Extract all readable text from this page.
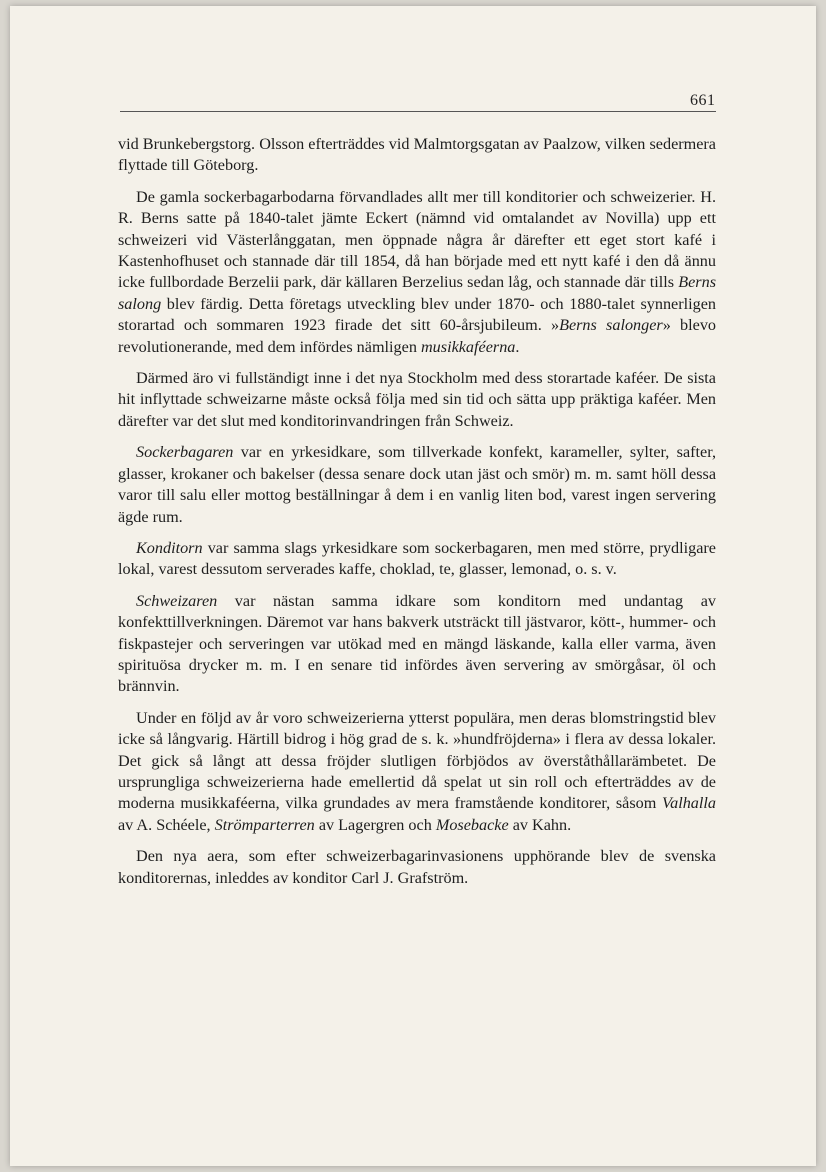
661

vid Brunkebergstorg. Olsson efterträddes vid Malmtorgsgatan av Paalzow, vilken sedermera flyttade till Göteborg.

De gamla sockerbagarbodarna förvandlades allt mer till konditorier och schweizerier. H. R. Berns satte på 1840-talet jämte Eckert (nämnd vid omtalandet av Novilla) upp ett schweizeri vid Västerlånggatan, men öppnade några år därefter ett eget stort kafé i Kastenhofhuset och stannade där till 1854, då han började med ett nytt kafé i den då ännu icke fullbordade Berzelii park, där källaren Berzelius sedan låg, och stannade där tills Berns salong blev färdig. Detta företags utveckling blev under 1870- och 1880-talet synnerligen storartad och sommaren 1923 firade det sitt 60-årsjubileum. »Berns salonger» blevo revolutionerande, med dem infördes nämligen musikkaféerna.

Därmed äro vi fullständigt inne i det nya Stockholm med dess storartade kaféer. De sista hit inflyttade schweizarne måste också följa med sin tid och sätta upp präktiga kaféer. Men därefter var det slut med konditorinvandringen från Schweiz.

Sockerbagaren var en yrkesidkare, som tillverkade konfekt, karameller, sylter, safter, glasser, krokaner och bakelser (dessa senare dock utan jäst och smör) m. m. samt höll dessa varor till salu eller mottog beställningar å dem i en vanlig liten bod, varest ingen servering ägde rum.

Konditorn var samma slags yrkesidkare som sockerbagaren, men med större, prydligare lokal, varest dessutom serverades kaffe, choklad, te, glasser, lemonad, o. s. v.

Schweizaren var nästan samma idkare som konditorn med undantag av konfekttillverkningen. Däremot var hans bakverk utsträckt till jästvaror, kött-, hummer- och fiskpastejer och serveringen var utökad med en mängd läskande, kalla eller varma, även spirituösa drycker m. m. I en senare tid infördes även servering av smörgåsar, öl och brännvin.

Under en följd av år voro schweizerierna ytterst populära, men deras blomstringstid blev icke så långvarig. Härtill bidrog i hög grad de s. k. »hundfröjderna» i flera av dessa lokaler. Det gick så långt att dessa fröjder slutligen förbjödos av överståthållarämbetet. De ursprungliga schweizerierna hade emellertid då spelat ut sin roll och efterträddes av de moderna musikkaféerna, vilka grundades av mera framstående konditorer, såsom Valhalla av A. Schéele, Strömparterren av Lagergren och Mosebacke av Kahn.

Den nya aera, som efter schweizerbagarinvasionens upphörande blev de svenska konditorernas, inleddes av konditor Carl J. Grafström.
